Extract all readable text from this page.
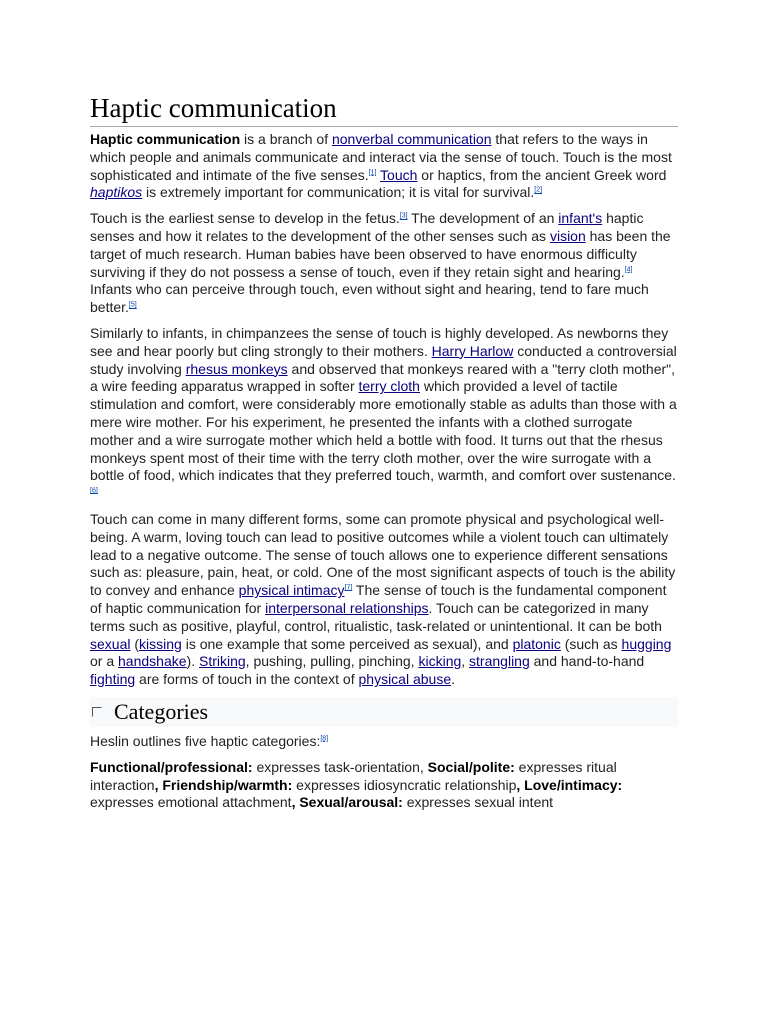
Haptic communication

Haptic communication is a branch of nonverbal communication that refers to the ways in which people and animals communicate and interact via the sense of touch. Touch is the most sophisticated and intimate of the five senses.[1] Touch or haptics, from the ancient Greek word haptikos is extremely important for communication; it is vital for survival.[2]

Touch is the earliest sense to develop in the fetus.[3] The development of an infant's haptic senses and how it relates to the development of the other senses such as vision has been the target of much research. Human babies have been observed to have enormous difficulty surviving if they do not possess a sense of touch, even if they retain sight and hearing.[4] Infants who can perceive through touch, even without sight and hearing, tend to fare much better.[5]

Similarly to infants, in chimpanzees the sense of touch is highly developed. As newborns they see and hear poorly but cling strongly to their mothers. Harry Harlow conducted a controversial study involving rhesus monkeys and observed that monkeys reared with a "terry cloth mother", a wire feeding apparatus wrapped in softer terry cloth which provided a level of tactile stimulation and comfort, were considerably more emotionally stable as adults than those with a mere wire mother. For his experiment, he presented the infants with a clothed surrogate mother and a wire surrogate mother which held a bottle with food. It turns out that the rhesus monkeys spent most of their time with the terry cloth mother, over the wire surrogate with a bottle of food, which indicates that they preferred touch, warmth, and comfort over sustenance.[6]

Touch can come in many different forms, some can promote physical and psychological well-being. A warm, loving touch can lead to positive outcomes while a violent touch can ultimately lead to a negative outcome. The sense of touch allows one to experience different sensations such as: pleasure, pain, heat, or cold. One of the most significant aspects of touch is the ability to convey and enhance physical intimacy[7] The sense of touch is the fundamental component of haptic communication for interpersonal relationships. Touch can be categorized in many terms such as positive, playful, control, ritualistic, task-related or unintentional. It can be both sexual (kissing is one example that some perceived as sexual), and platonic (such as hugging or a handshake). Striking, pushing, pulling, pinching, kicking, strangling and hand-to-hand fighting are forms of touch in the context of physical abuse.

Categories

Heslin outlines five haptic categories:[8]

Functional/professional: expresses task-orientation, Social/polite: expresses ritual interaction, Friendship/warmth: expresses idiosyncratic relationship, Love/intimacy: expresses emotional attachment, Sexual/arousal: expresses sexual intent
